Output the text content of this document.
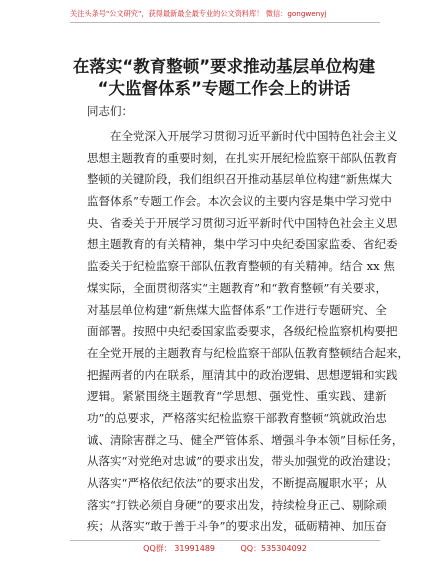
关注头条号"公文研究"，获得最新最全最专业的公文资料库！ 微信：gongwenyj
在落实“教育整顿”要求推动基层单位构建
“大监督体系”专题工作会上的讲话
同志们：
在 全 党 深 入 开 展 学 习 贯 彻 习 近 平 新 时 代 中 国 特 色 社 会 主 义
思 想 主 题 教 育 的 重 要 时 刻 ， 在 扎 实 开 展 纪 检 监 察 干 部 队 伍 教 育
整 顿 的 关 键 阶 段 ， 我 们 组 织 召 开 推 动 基 层 单 位 构 建 “ 新 焦 煤 大
监 督 体 系 ” 专 题 工 作 会 。 本 次 会 议 的 主 要 内 容 是 集 中 学 习 党 中
央 、 省 委 关 于 开 展 学 习 贯 彻 习 近 平 新 时 代 中 国 特 色 社 会 主 义 思
想 主 题 教 育 的 有 关 精 神 ， 集 中 学 习 中 央 纪 委 国 家 监 委 、 省 纪 委
监 委 关 于 纪 检 监 察 干 部 队 伍 教 育 整 顿 的 有 关 精 神 。 结 合
x x
焦
煤 实 际 ， 全 面 贯 彻 落 实 “ 主 题 教 育 ” 和 “ 教 育 整 顿 ” 有 关 要 求 ，
对 基 层 单 位 构 建 “ 新 焦 煤 大 监 督 体 系 ” 工 作 进 行 专 题 研 究 、 全
面 部 署 。 按 照 中 央 纪 委 国 家 监 委 要 求 ， 各 级 纪 检 监 察 机 构 要 把
在 全 党 开 展 的 主 题 教 育 与 纪 检 监 察 干 部 队 伍 教 育 整 顿 结 合 起 来 ，
把 握 两 者 的 内 在 联 系 ， 厘 清 其 中 的 政 治 逻 辑 、 思 想 逻 辑 和 实 践
逻 辑 。 紧 紧 围 绕 主 题 教 育 “ 学 思 想 、 强 党 性 、 重 实 践 、 建 新
功 ” 的 总 要 求 ， 严 格 落 实 纪 检 监 察 干 部 教 育 整 顿 “ 筑 就 政 治 忠
诚 、 清 除 害 群 之 马 、 健 全 严 管 体 系 、 增 强 斗 争 本 领 ” 目 标 任 务 ，
从 落 实 “ 对 党 绝 对 忠 诚 ” 的 要 求 出 发 ， 带 头 加 强 党 的 政 治 建 设 ；
从 落 实 “ 严 格 依 纪 依 法 ” 的 要 求 出 发 ， 不 断 提 高 履 职 水 平 ； 从
落 实 “ 打 铁 必 须 自 身 硬 ” 的 要 求 出 发 ， 持 续 检 身 正 己 、 剔 除 顽
疾 ； 从 落 实 “ 敢 于 善 于 斗 争 ” 的 要 求 出 发 ， 砥 砺 精 神 、 加 压 奋
QQ群： 31991489          QQ：535304092
